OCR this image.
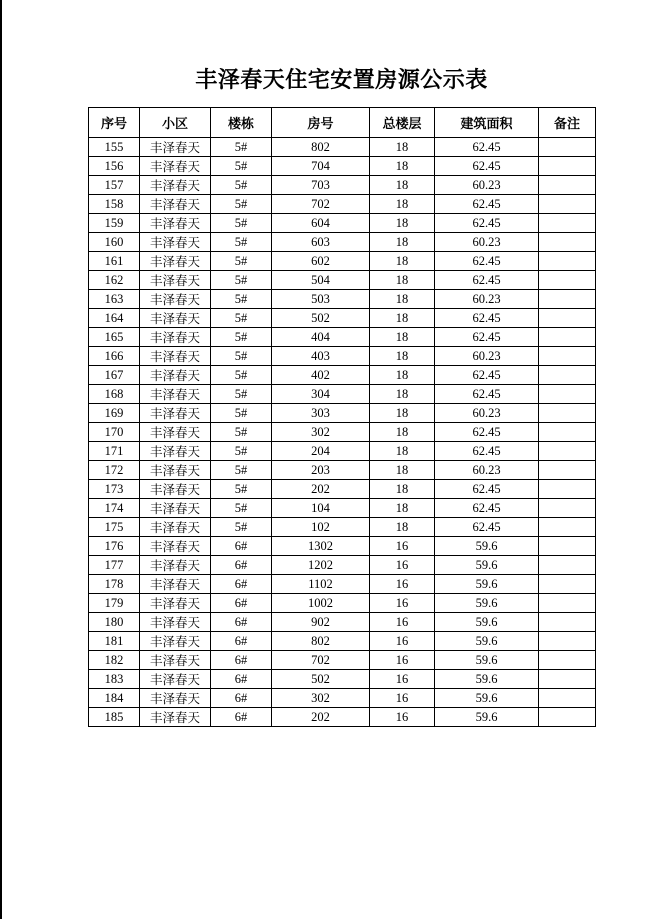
丰泽春天住宅安置房源公示表
序号	小区	楼栋	房号	总楼层	建筑面积	备注
155	丰泽春天	5#	802	18	62.45	
156	丰泽春天	5#	704	18	62.45	
157	丰泽春天	5#	703	18	60.23	
158	丰泽春天	5#	702	18	62.45	
159	丰泽春天	5#	604	18	62.45	
160	丰泽春天	5#	603	18	60.23	
161	丰泽春天	5#	602	18	62.45	
162	丰泽春天	5#	504	18	62.45	
163	丰泽春天	5#	503	18	60.23	
164	丰泽春天	5#	502	18	62.45	
165	丰泽春天	5#	404	18	62.45	
166	丰泽春天	5#	403	18	60.23	
167	丰泽春天	5#	402	18	62.45	
168	丰泽春天	5#	304	18	62.45	
169	丰泽春天	5#	303	18	60.23	
170	丰泽春天	5#	302	18	62.45	
171	丰泽春天	5#	204	18	62.45	
172	丰泽春天	5#	203	18	60.23	
173	丰泽春天	5#	202	18	62.45	
174	丰泽春天	5#	104	18	62.45	
175	丰泽春天	5#	102	18	62.45	
176	丰泽春天	6#	1302	16	59.6	
177	丰泽春天	6#	1202	16	59.6	
178	丰泽春天	6#	1102	16	59.6	
179	丰泽春天	6#	1002	16	59.6	
180	丰泽春天	6#	902	16	59.6	
181	丰泽春天	6#	802	16	59.6	
182	丰泽春天	6#	702	16	59.6	
183	丰泽春天	6#	502	16	59.6	
184	丰泽春天	6#	302	16	59.6	
185	丰泽春天	6#	202	16	59.6	
